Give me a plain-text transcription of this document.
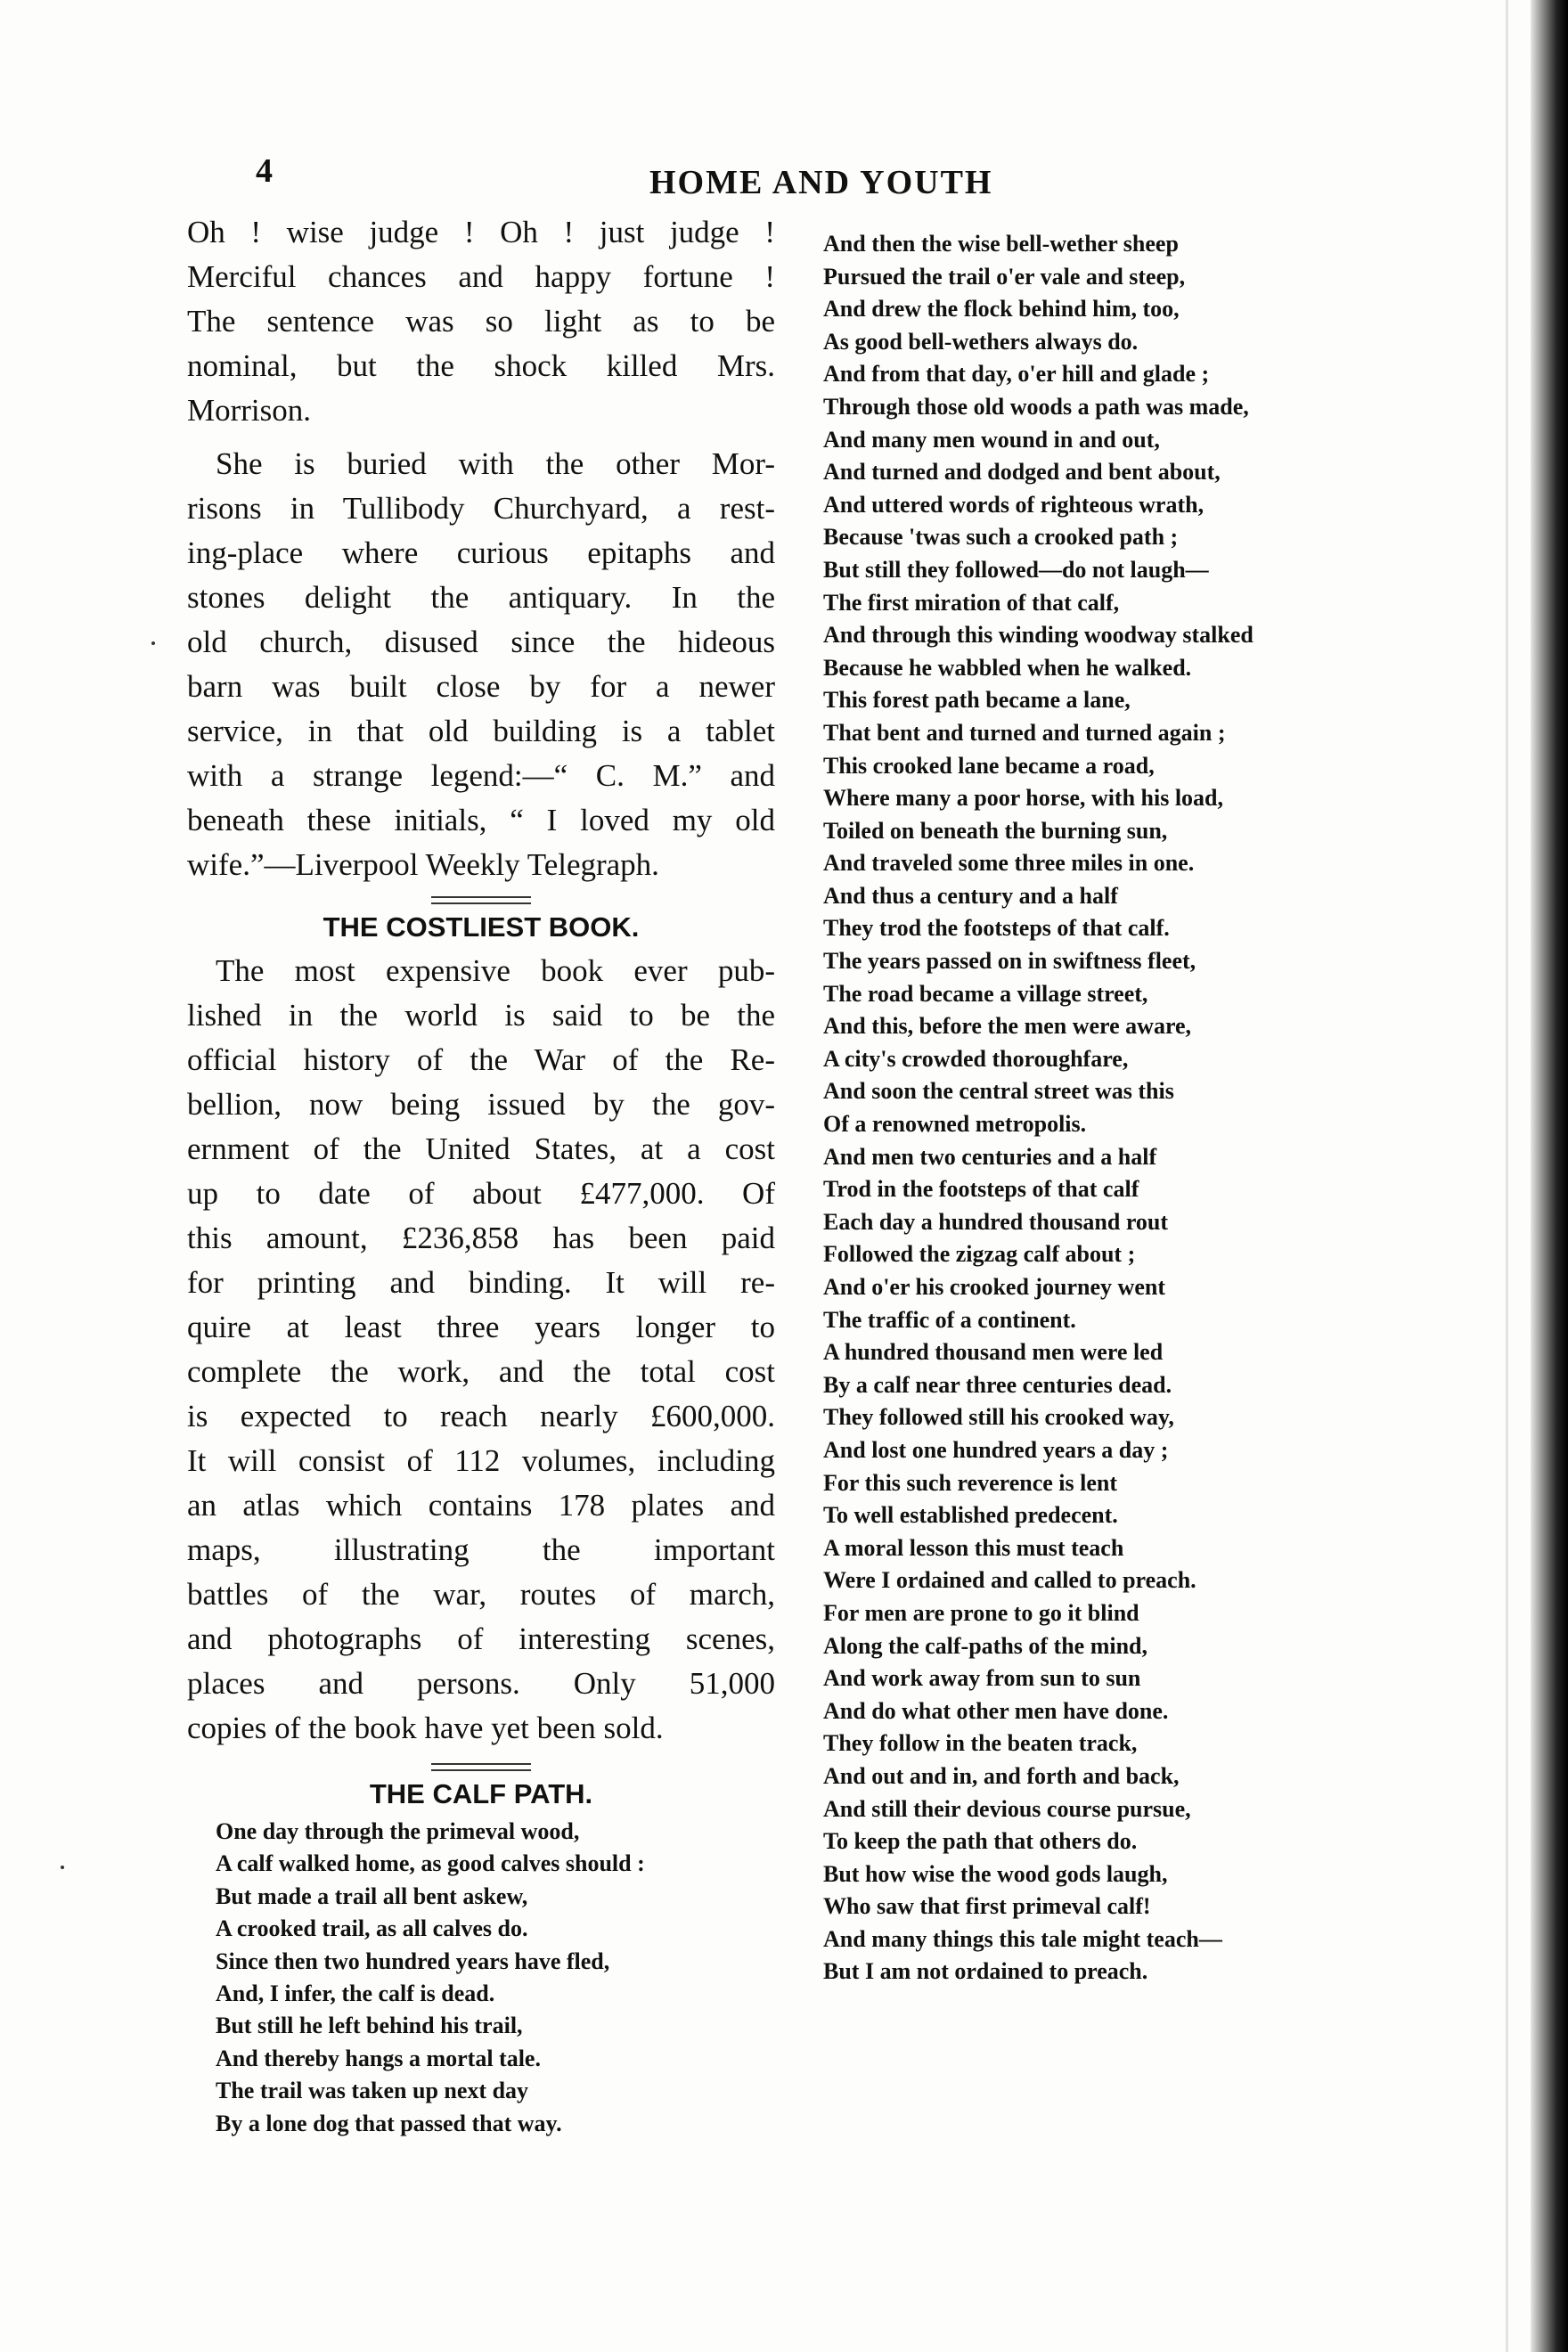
4	HOME AND YOUTH
Oh ! wise judge ! Oh ! just judge !
Merciful chances and happy fortune !
The sentence was so light as to be
nominal, but the shock killed Mrs.
Morrison.
She is buried with the other Mor-
risons in Tullibody Churchyard, a rest-
ing-place where curious epitaphs and
stones delight the antiquary. In the
old church, disused since the hideous
barn was built close by for a newer
service, in that old building is a tablet
with a strange legend:—“ C. M.” and
beneath these initials, “ I loved my old
wife.”—Liverpool Weekly Telegraph.
THE COSTLIEST BOOK.
The most expensive book ever pub-
lished in the world is said to be the
official history of the War of the Re-
bellion, now being issued by the gov-
ernment of the United States, at a cost
up to date of about £477,000. Of
this amount, £236,858 has been paid
for printing and binding. It will re-
quire at least three years longer to
complete the work, and the total cost
is expected to reach nearly £600,000.
It will consist of 112 volumes, including
an atlas which contains 178 plates and
maps, illustrating the important
battles of the war, routes of march,
and photographs of interesting scenes,
places and persons. Only 51,000
copies of the book have yet been sold.
THE CALF PATH.
One day through the primeval wood,
A calf walked home, as good calves should :
But made a trail all bent askew,
A crooked trail, as all calves do.
Since then two hundred years have fled,
And, I infer, the calf is dead.
But still he left behind his trail,
And thereby hangs a mortal tale.
The trail was taken up next day
By a lone dog that passed that way.
And then the wise bell-wether sheep
Pursued the trail o'er vale and steep,
And drew the flock behind him, too,
As good bell-wethers always do.
And from that day, o'er hill and glade ;
Through those old woods a path was made,
And many men wound in and out,
And turned and dodged and bent about,
And uttered words of righteous wrath,
Because 'twas such a crooked path ;
But still they followed—do not laugh—
The first miration of that calf,
And through this winding woodway stalked
Because he wabbled when he walked.
This forest path became a lane,
That bent and turned and turned again ;
This crooked lane became a road,
Where many a poor horse, with his load,
Toiled on beneath the burning sun,
And traveled some three miles in one.
And thus a century and a half
They trod the footsteps of that calf.
The years passed on in swiftness fleet,
The road became a village street,
And this, before the men were aware,
A city's crowded thoroughfare,
And soon the central street was this
Of a renowned metropolis.
And men two centuries and a half
Trod in the footsteps of that calf
Each day a hundred thousand rout
Followed the zigzag calf about ;
And o'er his crooked journey went
The traffic of a continent.
A hundred thousand men were led
By a calf near three centuries dead.
They followed still his crooked way,
And lost one hundred years a day ;
For this such reverence is lent
To well established predecent.
A moral lesson this must teach
Were I ordained and called to preach.
For men are prone to go it blind
Along the calf-paths of the mind,
And work away from sun to sun
And do what other men have done.
They follow in the beaten track,
And out and in, and forth and back,
And still their devious course pursue,
To keep the path that others do.
But how wise the wood gods laugh,
Who saw that first primeval calf!
And many things this tale might teach—
But I am not ordained to preach.
